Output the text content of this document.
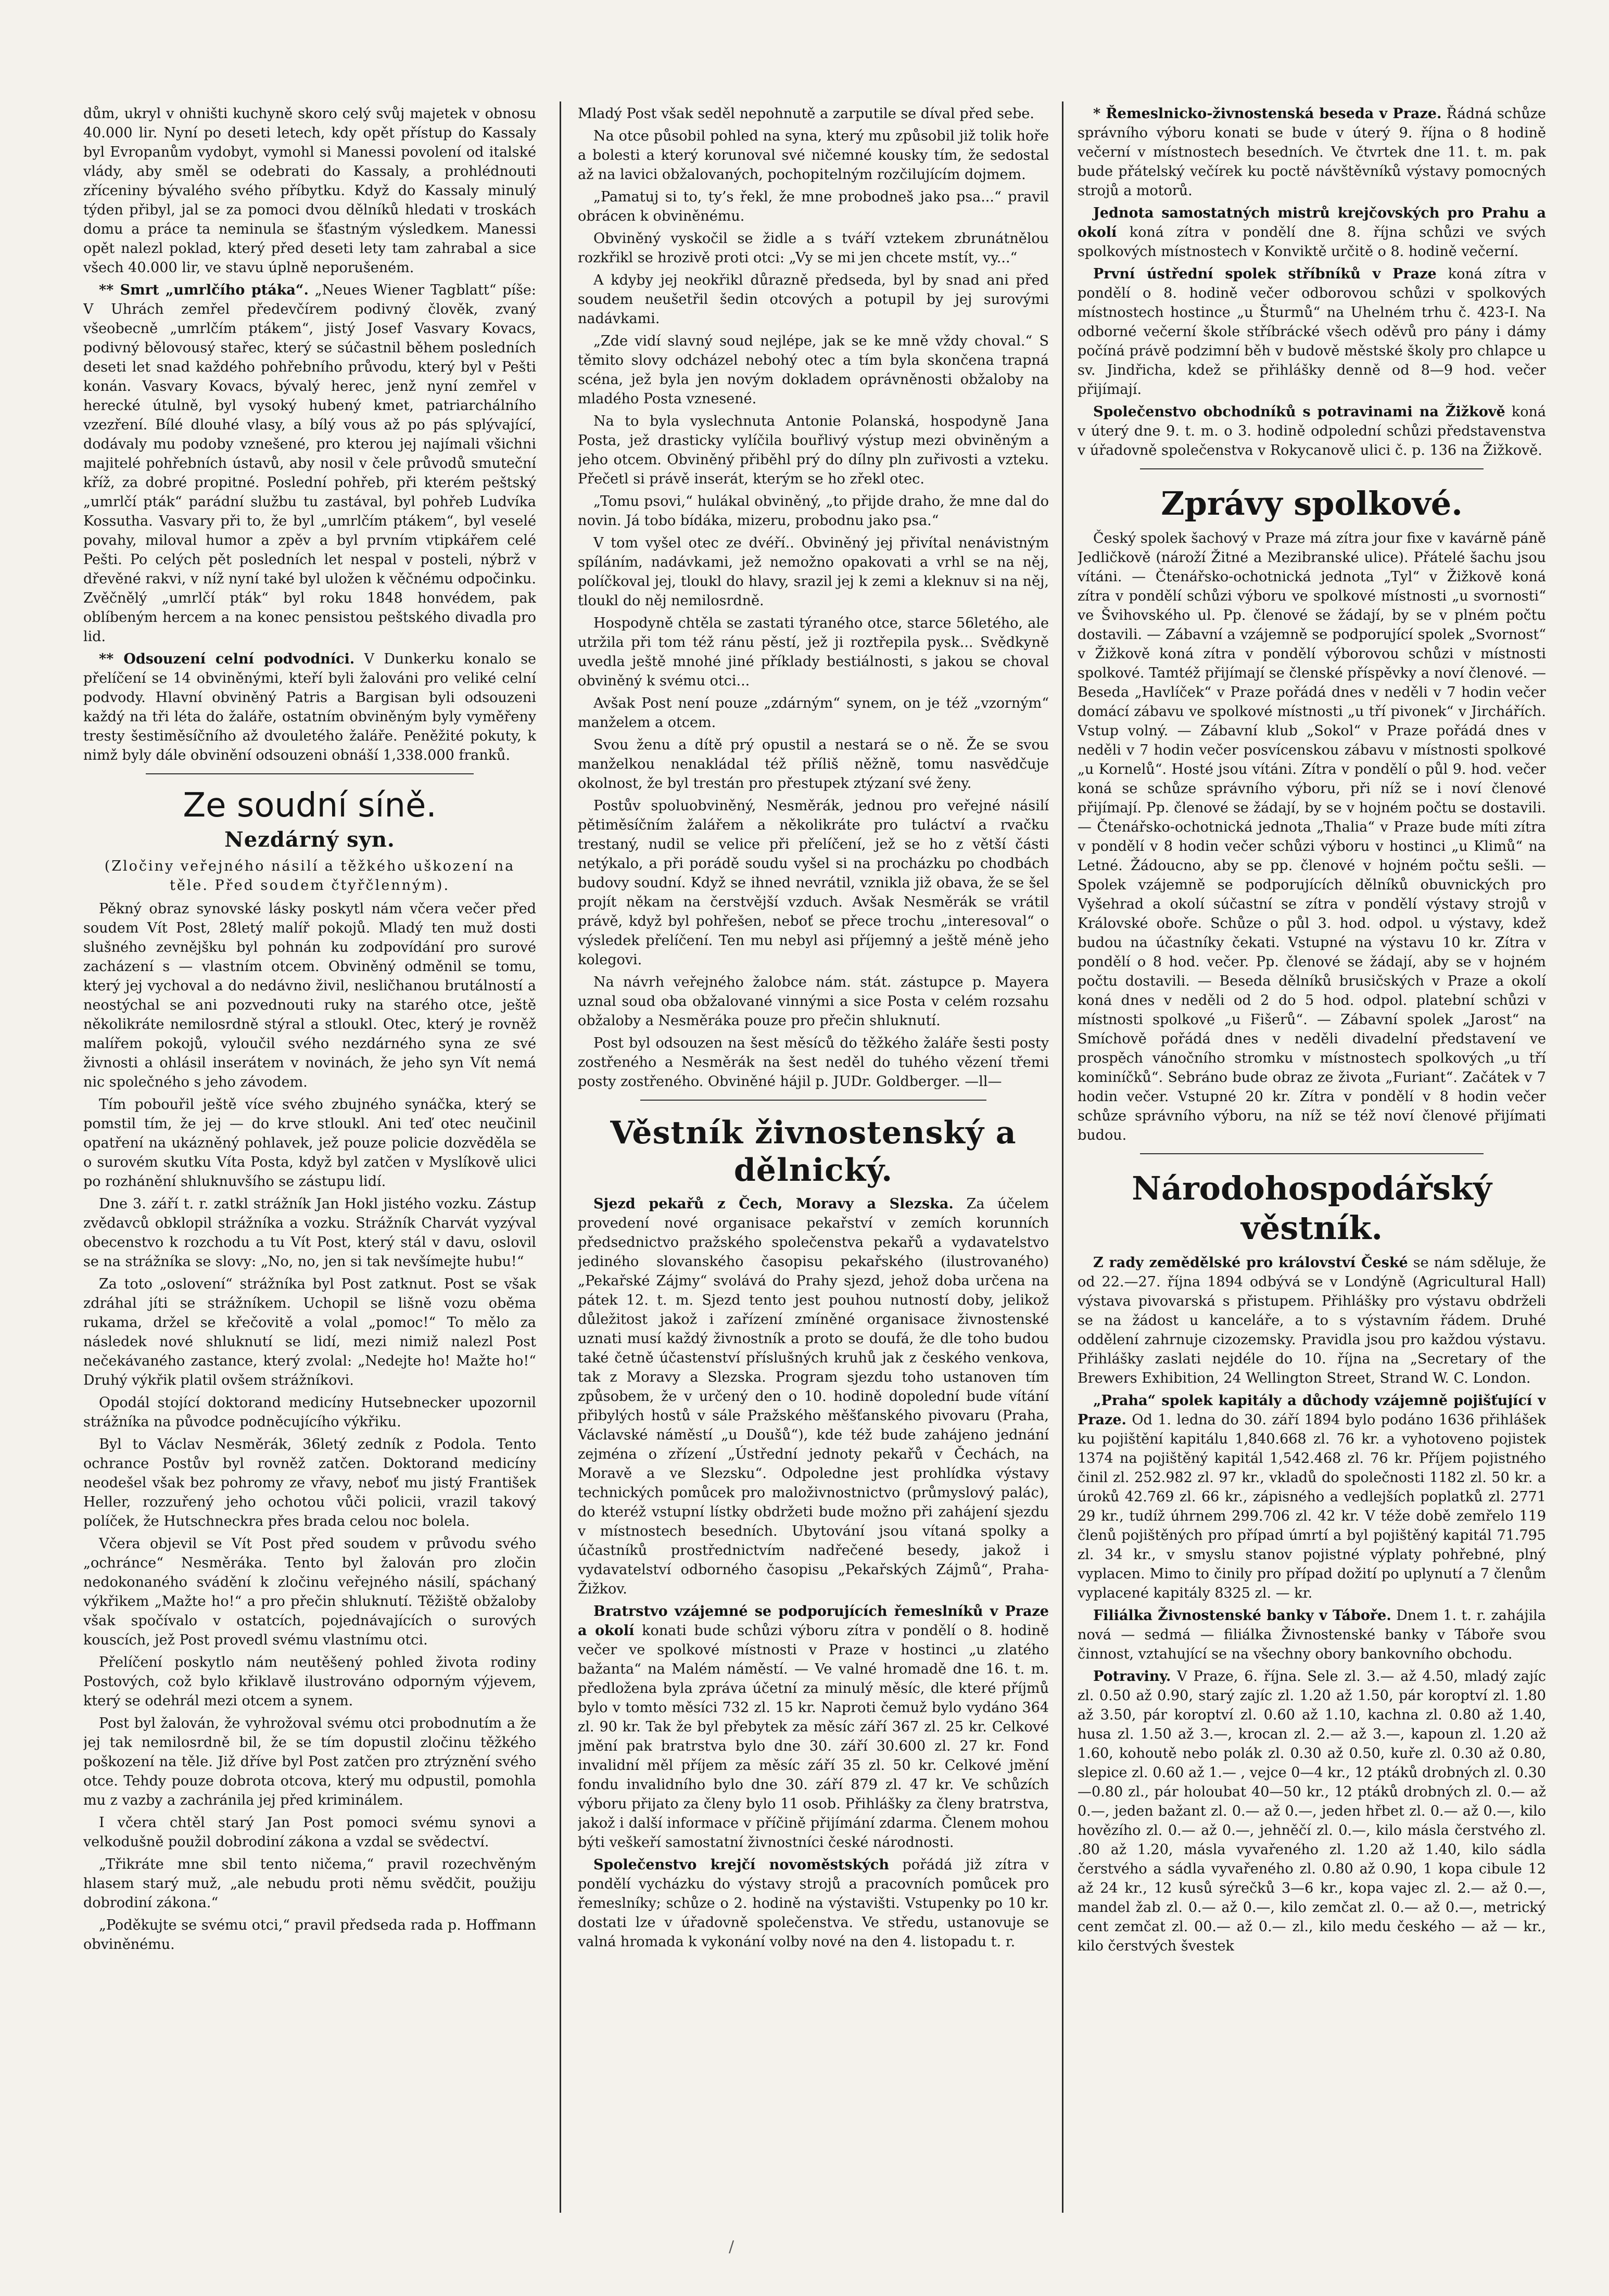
dům, ukryl v ohništi kuchyně skoro celý svůj majetek v obnosu 40.000 lir. Nyní po deseti letech, kdy opět přístup do Kassaly byl Evropanům vydobyt, vymohl si Manessi povolení od italské vlády, aby směl se odebrati do Kassaly, a prohlédnouti zříceniny bývalého svého příbytku. Když do Kassaly minulý týden přibyl, jal se za pomoci dvou dělníků hledati v troskách domu a práce ta neminula se šťastným výsledkem. Manessi opět nalezl poklad, který před deseti lety tam zahrabal a sice všech 40.000 lir, ve stavu úplně neporušeném.

** Smrt „umrlčího ptáka“. „Neues Wiener Tagblatt“ píše: V Uhrách zemřel předevčírem podivný člověk, zvaný všeobecně „umrlčím ptákem“, jistý Josef Vasvary Kovacs, podivný bělovousý stařec, který se súčastnil během posledních deseti let snad každého pohřebního průvodu, který byl v Pešti konán. Vasvary Kovacs, bývalý herec, jenž nyní zemřel v herecké útulně, byl vysoký hubený kmet, patriarchálního vzezření. Bílé dlouhé vlasy, a bílý vous až po pás splývající, dodávaly mu podoby vznešené, pro kterou jej najímali všichni majitelé pohřebních ústavů, aby nosil v čele průvodů smuteční kříž, za dobré propitné. Poslední pohřeb, při kterém peštský „umrlčí pták“ parádní službu tu zastával, byl pohřeb Ludvíka Kossutha. Vasvary při to, že byl „umrlčím ptákem“, byl veselé povahy, miloval humor a zpěv a byl prvním vtipkářem celé Pešti. Po celých pět posledních let nespal v posteli, nýbrž v dřevěné rakvi, v níž nyní také byl uložen k věčnému odpočinku. Zvěčnělý „umrlčí pták“ byl roku 1848 honvédem, pak oblíbeným hercem a na konec pensistou peštského divadla pro lid.

** Odsouzení celní podvodníci. V Dunkerku konalo se přelíčení se 14 obviněnými, kteří byli žalováni pro veliké celní podvody. Hlavní obviněný Patris a Bargisan byli odsouzeni každý na tři léta do žaláře, ostatním obviněným byly vyměřeny tresty šestiměsíčního až dvouletého žaláře. Peněžité pokuty, k nimž byly dále obvinění odsouzeni obnáší 1,338.000 franků.

Ze soudní síně.
Nezdárný syn.
(Zločiny veřejného násilí a těžkého uškození na těle. Před soudem čtyřčlenným).

Pěkný obraz synovské lásky poskytl nám včera večer před soudem Vít Post, 28letý malíř pokojů. Mladý ten muž dosti slušného zevnějšku byl pohnán ku zodpovídání pro surové zacházení s — vlastním otcem. Obviněný odměnil se tomu, který jej vychoval a do nedávno živil, nesličhanou brutálností a neostýchal se ani pozvednouti ruky na starého otce, ještě několikráte nemilosrdně stýral a stloukl. Otec, který je rovněž malířem pokojů, vyloučil svého nezdárného syna ze své živnosti a ohlásil inserátem v novinách, že jeho syn Vít nemá nic společného s jeho závodem.

Tím pobouřil ještě více svého zbujného synáčka, který se pomstil tím, že jej — do krve stloukl. Ani teď otec neučinil opatření na ukázněný pohlavek, jež pouze policie dozvěděla se o surovém skutku Víta Posta, když byl zatčen v Myslíkově ulici po rozhánění shluknuvšího se zástupu lidí.

Dne 3. září t. r. zatkl strážník Jan Hokl jistého vozku. Zástup zvědavců obklopil strážníka a vozku. Strážník Charvát vyzýval obecenstvo k rozchodu a tu Vít Post, který stál v davu, oslovil se na strážníka se slovy: „No, no, jen si tak nevšímejte hubu!“

Za toto „oslovení“ strážníka byl Post zatknut. Post se však zdráhal jíti se strážníkem. Uchopil se lišně vozu oběma rukama, držel se křečovitě a volal „pomoc!“ To mělo za následek nové shluknutí se lidí, mezi nimiž nalezl Post nečekávaného zastance, který zvolal: „Nedejte ho! Mažte ho!“ Druhý výkřik platil ovšem strážníkovi.

Opodál stojící doktorand medicíny Hutsebnecker upozornil strážníka na původce podněcujícího výkřiku.

Byl to Václav Nesměrák, 36letý zedník z Podola. Tento ochrance Postův byl rovněž zatčen. Doktorand medicíny neodešel však bez pohromy ze vřavy, neboť mu jistý František Heller, rozzuřený jeho ochotou vůči policii, vrazil takový políček, že Hutschneckra přes brada celou noc bolela.

Včera objevil se Vít Post před soudem v průvodu svého „ochránce“ Nesměráka. Tento byl žalován pro zločin nedokonaného svádění k zločinu veřejného násilí, spáchaný výkřikem „Mažte ho!“ a pro přečin shluknutí. Těžiště obžaloby však spočívalo v ostatcích, pojednávajících o surových kouscích, jež Post provedl svému vlastnímu otci.

Přelíčení poskytlo nám neutěšený pohled života rodiny Postových, což bylo křiklavě ilustrováno odporným výjevem, který se odehrál mezi otcem a synem.

Post byl žalován, že vyhrožoval svému otci probodnutím a že jej tak nemilosrdně bil, že se tím dopustil zločinu těžkého poškození na těle. Již dříve byl Post zatčen pro ztrýznění svého otce. Tehdy pouze dobrota otcova, který mu odpustil, pomohla mu z vazby a zachránila jej před kriminálem.

I včera chtěl starý Jan Post pomoci svému synovi a velkodušně použil dobrodiní zákona a vzdal se svědectví.

„Třikráte mne sbil tento ničema,“ pravil rozechvěným hlasem starý muž, „ale nebudu proti němu svědčit, použiju dobrodiní zákona.“

„Poděkujte se svému otci,“ pravil předseda rada p. Hoffmann obviněnému.

Mladý Post však seděl nepohnutě a zarputile se díval před sebe.

Na otce působil pohled na syna, který mu způsobil již tolik hoře a bolesti a který korunoval své ničemné kousky tím, že sedostal až na lavici obžalovaných, pochopitelným rozčilujícím dojmem.

„Pamatuj si to, ty’s řekl, že mne probodneš jako psa...“ pravil obrácen k obviněnému.

Obviněný vyskočil se židle a s tváří vztekem zbrunátnělou rozkřikl se hrozivě proti otci: „Vy se mi jen chcete mstít, vy...“

A kdyby jej neokřikl důrazně předseda, byl by snad ani před soudem neušetřil šedin otcových a potupil by jej surovými nadávkami.

„Zde vidí slavný soud nejlépe, jak se ke mně vždy choval.“ S těmito slovy odcházel nebohý otec a tím byla skončena trapná scéna, jež byla jen novým dokladem oprávněnosti obžaloby na mladého Posta vznesené.

Na to byla vyslechnuta Antonie Polanská, hospodyně Jana Posta, jež drasticky vylíčila bouřlivý výstup mezi obviněným a jeho otcem. Obviněný přiběhl prý do dílny pln zuřivosti a vzteku. Přečetl si právě inserát, kterým se ho zřekl otec.

„Tomu psovi,“ hulákal obviněný, „to přijde draho, že mne dal do novin. Já tobo bídáka, mizeru, probodnu jako psa.“

V tom vyšel otec ze dvéří.. Obviněný jej přivítal nenávistným spíláním, nadávkami, jež nemožno opakovati a vrhl se na něj, políčkoval jej, tloukl do hlavy, srazil jej k zemi a kleknuv si na něj, tloukl do něj nemilosrdně.

Hospodyně chtěla se zastati týraného otce, starce 56letého, ale utržila při tom též ránu pěstí, jež ji roztřepila pysk... Svědkyně uvedla ještě mnohé jiné příklady bestiálnosti, s jakou se choval obviněný k svému otci...

Avšak Post není pouze „zdárným“ synem, on je též „vzorným“ manželem a otcem.

Svou ženu a dítě prý opustil a nestará se o ně. Že se svou manželkou nenakládal též příliš něžně, tomu nasvědčuje okolnost, že byl trestán pro přestupek ztýzaní své ženy.

Postův spoluobviněný, Nesměrák, jednou pro veřejné násilí pětiměsíčním žalářem a několikráte pro tuláctví a rvačku trestaný, nudil se velice při přelíčení, jež se ho z větší části netýkalo, a při porádě soudu vyšel si na procházku po chodbách budovy soudní. Když se ihned nevrátil, vznikla již obava, že se šel projít někam na čerstvější vzduch. Avšak Nesměrák se vrátil právě, když byl pohřešen, neboť se přece trochu „interesoval“ o výsledek přelíčení. Ten mu nebyl asi příjemný a ještě méně jeho kolegovi.

Na návrh veřejného žalobce nám. stát. zástupce p. Mayera uznal soud oba obžalované vinnými a sice Posta v celém rozsahu obžaloby a Nesměráka pouze pro přečin shluknutí.

Post byl odsouzen na šest měsíců do těžkého žaláře šesti posty zostřeného a Nesměrák na šest neděl do tuhého vězení třemi posty zostřeného. Obviněné hájil p. JUDr. Goldberger. —ll—

Věstník živnostenský a dělnický.

Sjezd pekařů z Čech, Moravy a Slezska. Za účelem provedení nové organisace pekařství v zemích korunních předsednictvo pražského společenstva pekařů a vydavatelstvo jediného slovanského časopisu pekařského (ilustrovaného) „Pekařské Zájmy“ svolává do Prahy sjezd, jehož doba určena na pátek 12. t. m. Sjezd tento jest pouhou nutností doby, jelikož důležitost jakož i zařízení zmíněné organisace živnostenské uznati musí každý živnostník a proto se doufá, že dle toho budou také četně účastenství příslušných kruhů jak z českého venkova, tak z Moravy a Slezska. Program sjezdu toho ustanoven tím způsobem, že v určený den o 10. hodině dopolední bude vítání přibylých hostů v sále Pražského měšťanského pivovaru (Praha, Václavské náměstí „u Doušů“), kde též bude zahájeno jednání zejména o zřízení „Ústřední jednoty pekařů v Čechách, na Moravě a ve Slezsku“. Odpoledne jest prohlídka výstavy technických pomůcek pro maloživnostnictvo (průmyslový palác), do kteréž vstupní lístky obdržeti bude možno při zahájení sjezdu v místnostech besedních. Ubytování jsou vítaná spolky a účastníků prostřednictvím nadřečené besedy, jakož i vydavatelství odborného časopisu „Pekařských Zájmů“, Praha-Žižkov.

Bratrstvo vzájemné se podporujících řemeslníků v Praze a okolí konati bude schůzi výboru zítra v pondělí o 8. hodině večer ve spolkové místnosti v Praze v hostinci „u zlatého bažanta“ na Malém náměstí. — Ve valné hromadě dne 16. t. m. předložena byla zpráva účetní za minulý měsíc, dle které příjmů bylo v tomto měsíci 732 zl. 15 kr. Naproti čemuž bylo vydáno 364 zl. 90 kr. Tak že byl přebytek za měsíc září 367 zl. 25 kr. Celkové jmění pak bratrstva bylo dne 30. září 30.600 zl. 27 kr. Fond invalidní měl příjem za měsíc září 35 zl. 50 kr. Celkové jmění fondu invalidního bylo dne 30. září 879 zl. 47 kr. Ve schůzích výboru přijato za členy bylo 11 osob. Přihlášky za členy bratrstva, jakož i další informace v příčině přijímání zdarma. Členem mohou býti veškeří samostatní živnostníci české národnosti.

Společenstvo krejčí novoměstských pořádá již zítra v pondělí vycházku do výstavy strojů a pracovních pomůcek pro řemeslníky; schůze o 2. hodině na výstavišti. Vstupenky po 10 kr. dostati lze v úřadovně společenstva. Ve středu, ustanovuje se valná hromada k vykonání volby nové na den 4. listopadu t. r.

* Řemeslnicko-živnostenská beseda v Praze. Řádná schůze správního výboru konati se bude v úterý 9. října o 8 hodině večerní v místnostech besedních. Ve čtvrtek dne 11. t. m. pak bude přátelský večírek ku poctě návštěvníků výstavy pomocných strojů a motorů.

Jednota samostatných mistrů krejčovských pro Prahu a okolí koná zítra v pondělí dne 8. října schůzi ve svých spolkových místnostech v Konviktě určitě o 8. hodině večerní.

První ústřední spolek stříbníků v Praze koná zítra v pondělí o 8. hodině večer odborovou schůzi v spolkových místnostech hostince „u Šturmů“ na Uhelném trhu č. 423-I. Na odborné večerní škole stříbrácké všech oděvů pro pány i dámy počíná právě podzimní běh v budově městské školy pro chlapce u sv. Jindřicha, kdež se přihlášky denně od 8—9 hod. večer přijímají.

Společenstvo obchodníků s potravinami na Žižkově koná v úterý dne 9. t. m. o 3. hodině odpolední schůzi představenstva v úřadovně společenstva v Rokycanově ulici č. p. 136 na Žižkově.

Zprávy spolkové.

Český spolek šachový v Praze má zítra jour fixe v kavárně páně Jedličkově (nároží Žitné a Mezibranské ulice). Přátelé šachu jsou vítáni. — Čtenářsko-ochotnická jednota „Tyl“ v Žižkově koná zítra v pondělí schůzi výboru ve spolkové místnosti „u svornosti“ ve Švihovského ul. Pp. členové se žádají, by se v plném počtu dostavili. — Zábavní a vzájemně se podporující spolek „Svornost“ v Žižkově koná zítra v pondělí výborovou schůzi v místnosti spolkové. Tamtéž přijímají se členské příspěvky a noví členové. — Beseda „Havlíček“ v Praze pořádá dnes v neděli v 7 hodin večer domácí zábavu ve spolkové místnosti „u tří pivonek“ v Jirchářích. Vstup volný. — Zábavní klub „Sokol“ v Praze pořádá dnes v neděli v 7 hodin večer posvícenskou zábavu v místnosti spolkové „u Kornelů“. Hosté jsou vítáni. Zítra v pondělí o půl 9. hod. večer koná se schůze správního výboru, při níž se i noví členové přijímají. Pp. členové se žádají, by se v hojném počtu se dostavili. — Čtenářsko-ochotnická jednota „Thalia“ v Praze bude míti zítra v pondělí v 8 hodin večer schůzi výboru v hostinci „u Klimů“ na Letné. Žádoucno, aby se pp. členové v hojném počtu sešli. — Spolek vzájemně se podporujících dělníků obuvnických pro Vyšehrad a okolí súčastní se zítra v pondělí výstavy strojů v Královské oboře. Schůze o půl 3. hod. odpol. u výstavy, kdež budou na účastníky čekati. Vstupné na výstavu 10 kr. Zítra v pondělí o 8 hod. večer. Pp. členové se žádají, aby se v hojném počtu dostavili. — Beseda dělníků brusičských v Praze a okolí koná dnes v neděli od 2 do 5 hod. odpol. platební schůzi v místnosti spolkové „u Fišerů“. — Zábavní spolek „Jarost“ na Smíchově pořádá dnes v neděli divadelní představení ve prospěch vánočního stromku v místnostech spolkových „u tří kominíčků“. Sebráno bude obraz ze života „Furiant“. Začátek v 7 hodin večer. Vstupné 20 kr. Zítra v pondělí v 8 hodin večer schůze správního výboru, na níž se též noví členové přijímati budou.

Národohospodářský věstník.

Z rady zemědělské pro království České se nám sděluje, že od 22.—27. října 1894 odbývá se v Londýně (Agricultural Hall) výstava pivovarská s přistupem. Přihlášky pro výstavu obdrželi se na žádost u kanceláře, a to s výstavním řádem. Druhé oddělení zahrnuje cizozemsky. Pravidla jsou pro každou výstavu. Přihlášky zaslati nejdéle do 10. října na „Secretary of the Brewers Exhibition, 24 Wellington Street, Strand W. C. London.

„Praha“ spolek kapitály a důchody vzájemně pojišťující v Praze. Od 1. ledna do 30. září 1894 bylo podáno 1636 přihlášek ku pojištění kapitálu 1,840.668 zl. 76 kr. a vyhotoveno pojistek 1374 na pojištěný kapitál 1,542.468 zl. 76 kr. Příjem pojistného činil zl. 252.982 zl. 97 kr., vkladů do společnosti 1182 zl. 50 kr. a úroků 42.769 zl. 66 kr., zápisného a vedlejších poplatků zl. 2771 29 kr., tudíž úhrnem 299.706 zl. 42 kr. V téže době zemřelo 119 členů pojištěných pro případ úmrtí a byl pojištěný kapitál 71.795 zl. 34 kr., v smyslu stanov pojistné výplaty pohřebné, plný vyplacen. Mimo to činily pro případ dožití po uplynutí a 7 členům vyplacené kapitály 8325 zl. — kr.

Filiálka Živnostenské banky v Táboře. Dnem 1. t. r. zahájila nová — sedmá — filiálka Živnostenské banky v Táboře svou činnost, vztahující se na všechny obory bankovního obchodu.

Potraviny. V Praze, 6. října. Sele zl. 3.— až 4.50, mladý zajíc zl. 0.50 až 0.90, starý zajíc zl. 1.20 až 1.50, pár koroptví zl. 1.80 až 3.50, pár koroptví zl. 0.60 až 1.10, kachna zl. 0.80 až 1.40, husa zl. 1.50 až 3.—, krocan zl. 2.— až 3.—, kapoun zl. 1.20 až 1.60, kohoutě nebo polák zl. 0.30 až 0.50, kuře zl. 0.30 až 0.80, slepice zl. 0.60 až 1.— , vejce 0—4 kr., 12 ptáků drobných zl. 0.30—0.80 zl., pár holoubat 40—50 kr., 12 ptáků drobných zl. 0.— až 0.—, jeden bažant zl. 0.— až 0.—, jeden hřbet zl. 0.— až 0.—, kilo hovězího zl. 0.— až 0.—, jehněčí zl. 0.—, kilo másla čerstvého zl. .80 až 1.20, másla vyvařeného zl. 1.20 až 1.40, kilo sádla čerstvého a sádla vyvařeného zl. 0.80 až 0.90, 1 kopa cibule 12 až 24 kr., 12 kusů sýrečků 3—6 kr., kopa vajec zl. 2.— až 0.—, mandel žab zl. 0.— až 0.—, kilo zemčat zl. 0.— až 0.—, metrický cent zemčat zl. 00.— až 0.— zl., kilo medu českého — až — kr., kilo čerstvých švestek

/
